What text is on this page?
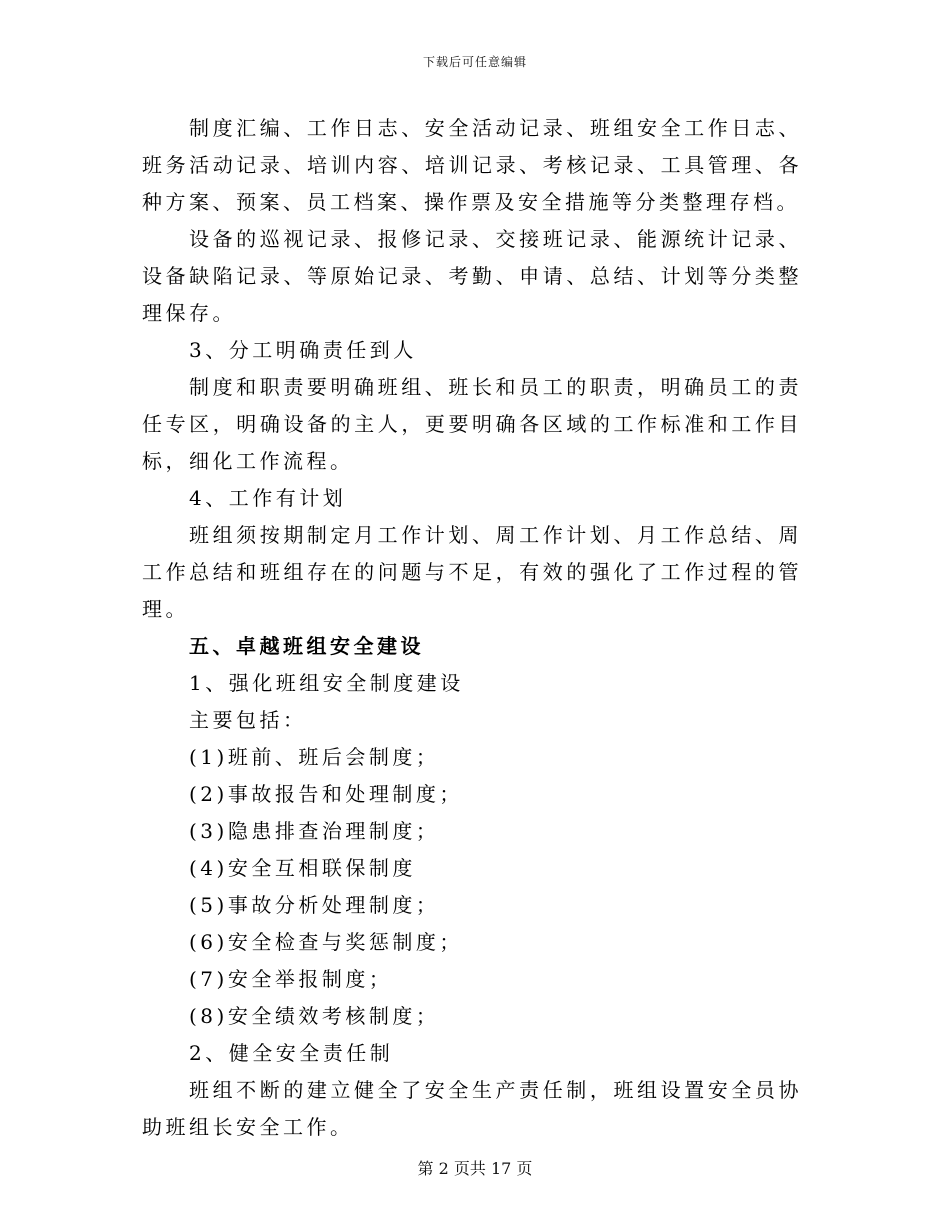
下载后可任意编辑

制度汇编、工作日志、安全活动记录、班组安全工作日志、班务活动记录、培训内容、培训记录、考核记录、工具管理、各种方案、预案、员工档案、操作票及安全措施等分类整理存档。

设备的巡视记录、报修记录、交接班记录、能源统计记录、设备缺陷记录、等原始记录、考勤、申请、总结、计划等分类整理保存。

3、分工明确责任到人

制度和职责要明确班组、班长和员工的职责，明确员工的责任专区，明确设备的主人，更要明确各区域的工作标准和工作目标，细化工作流程。

4、工作有计划

班组须按期制定月工作计划、周工作计划、月工作总结、周工作总结和班组存在的问题与不足，有效的强化了工作过程的管理。

五、卓越班组安全建设

1、强化班组安全制度建设

主要包括：

(1)班前、班后会制度；

(2)事故报告和处理制度；

(3)隐患排查治理制度；

(4)安全互相联保制度

(5)事故分析处理制度；

(6)安全检查与奖惩制度；

(7)安全举报制度；

(8)安全绩效考核制度；

2、健全安全责任制

班组不断的建立健全了安全生产责任制，班组设置安全员协助班组长安全工作。

第 2 页共 17 页
